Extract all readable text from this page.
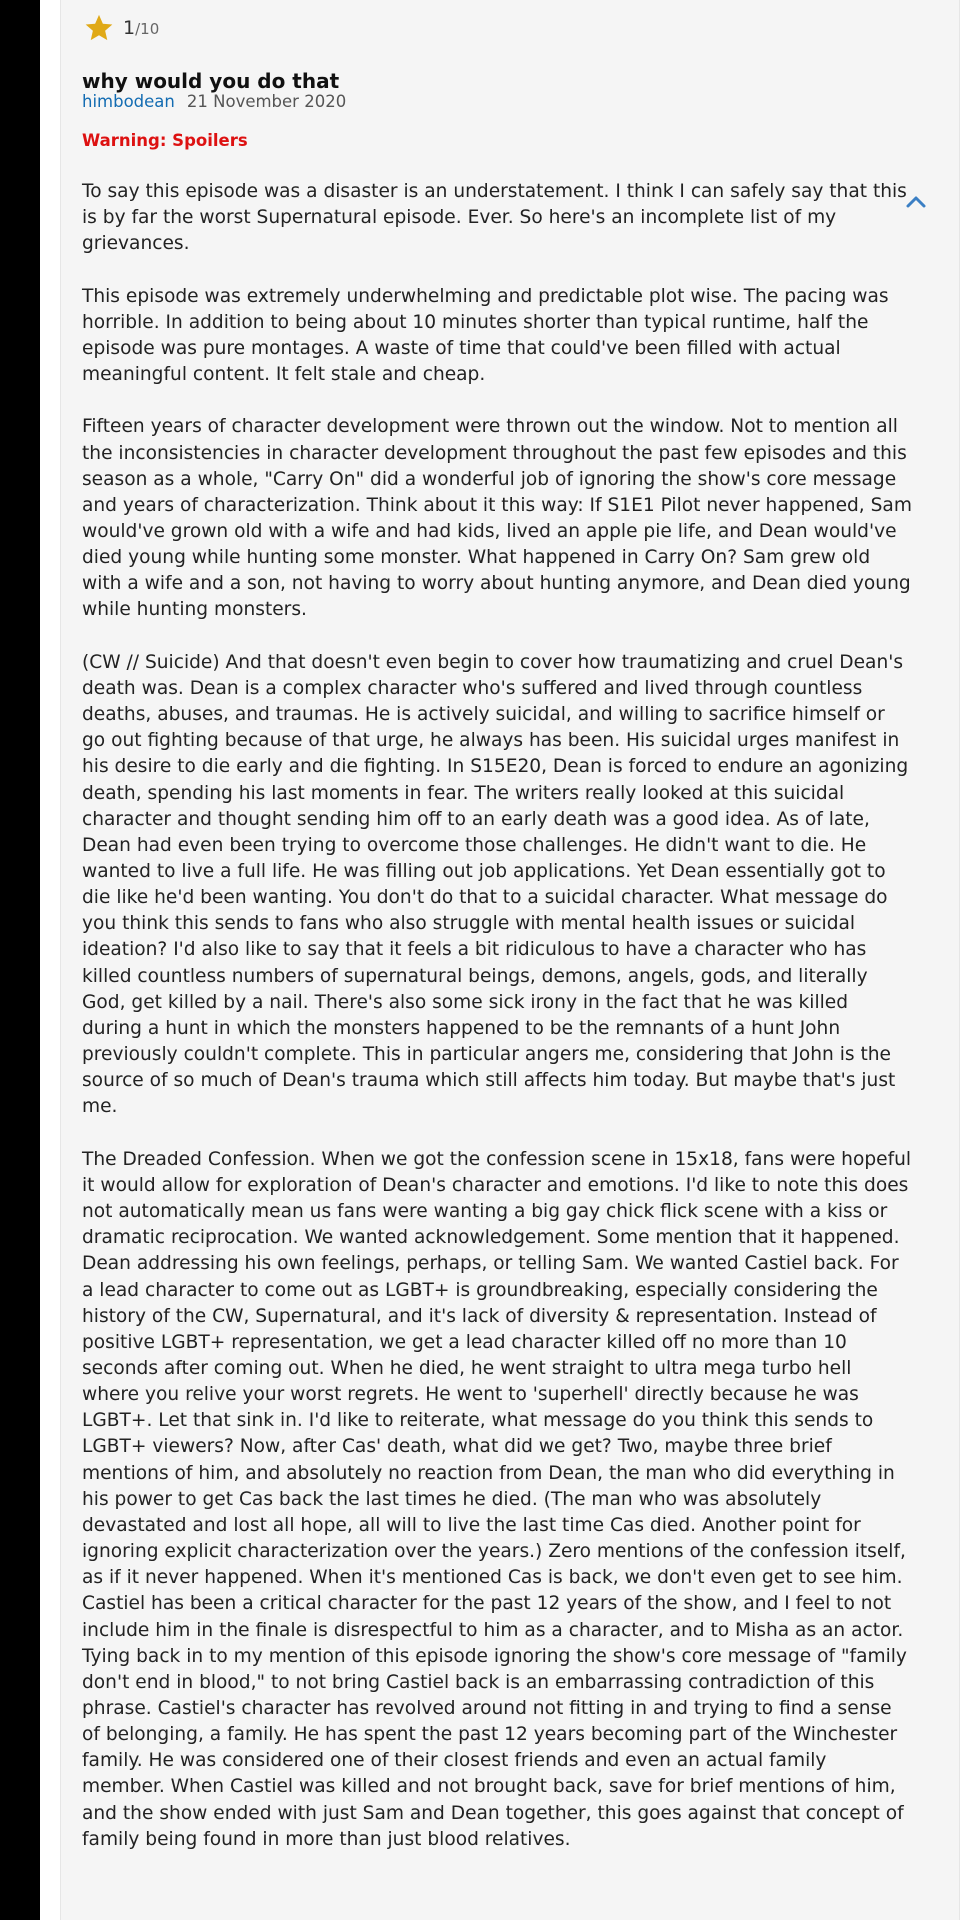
1/10
why would you do that
himbodean 21 November 2020
Warning: Spoilers

To say this episode was a disaster is an understatement. I think I can safely say that this is by far the worst Supernatural episode. Ever. So here's an incomplete list of my grievances.

This episode was extremely underwhelming and predictable plot wise. The pacing was horrible. In addition to being about 10 minutes shorter than typical runtime, half the episode was pure montages. A waste of time that could've been filled with actual meaningful content. It felt stale and cheap.

Fifteen years of character development were thrown out the window. Not to mention all the inconsistencies in character development throughout the past few episodes and this season as a whole, "Carry On" did a wonderful job of ignoring the show's core message and years of characterization. Think about it this way: If S1E1 Pilot never happened, Sam would've grown old with a wife and had kids, lived an apple pie life, and Dean would've died young while hunting some monster. What happened in Carry On? Sam grew old with a wife and a son, not having to worry about hunting anymore, and Dean died young while hunting monsters.

(CW // Suicide) And that doesn't even begin to cover how traumatizing and cruel Dean's death was. Dean is a complex character who's suffered and lived through countless deaths, abuses, and traumas. He is actively suicidal, and willing to sacrifice himself or go out fighting because of that urge, he always has been. His suicidal urges manifest in his desire to die early and die fighting. In S15E20, Dean is forced to endure an agonizing death, spending his last moments in fear. The writers really looked at this suicidal character and thought sending him off to an early death was a good idea. As of late, Dean had even been trying to overcome those challenges. He didn't want to die. He wanted to live a full life. He was filling out job applications. Yet Dean essentially got to die like he'd been wanting. You don't do that to a suicidal character. What message do you think this sends to fans who also struggle with mental health issues or suicidal ideation? I'd also like to say that it feels a bit ridiculous to have a character who has killed countless numbers of supernatural beings, demons, angels, gods, and literally God, get killed by a nail. There's also some sick irony in the fact that he was killed during a hunt in which the monsters happened to be the remnants of a hunt John previously couldn't complete. This in particular angers me, considering that John is the source of so much of Dean's trauma which still affects him today. But maybe that's just me.

The Dreaded Confession. When we got the confession scene in 15x18, fans were hopeful it would allow for exploration of Dean's character and emotions. I'd like to note this does not automatically mean us fans were wanting a big gay chick flick scene with a kiss or dramatic reciprocation. We wanted acknowledgement. Some mention that it happened. Dean addressing his own feelings, perhaps, or telling Sam. We wanted Castiel back. For a lead character to come out as LGBT+ is groundbreaking, especially considering the history of the CW, Supernatural, and it's lack of diversity & representation. Instead of positive LGBT+ representation, we get a lead character killed off no more than 10 seconds after coming out. When he died, he went straight to ultra mega turbo hell where you relive your worst regrets. He went to 'superhell' directly because he was LGBT+. Let that sink in. I'd like to reiterate, what message do you think this sends to LGBT+ viewers? Now, after Cas' death, what did we get? Two, maybe three brief mentions of him, and absolutely no reaction from Dean, the man who did everything in his power to get Cas back the last times he died. (The man who was absolutely devastated and lost all hope, all will to live the last time Cas died. Another point for ignoring explicit characterization over the years.) Zero mentions of the confession itself, as if it never happened. When it's mentioned Cas is back, we don't even get to see him. Castiel has been a critical character for the past 12 years of the show, and I feel to not include him in the finale is disrespectful to him as a character, and to Misha as an actor. Tying back in to my mention of this episode ignoring the show's core message of "family don't end in blood," to not bring Castiel back is an embarrassing contradiction of this phrase. Castiel's character has revolved around not fitting in and trying to find a sense of belonging, a family. He has spent the past 12 years becoming part of the Winchester family. He was considered one of their closest friends and even an actual family member. When Castiel was killed and not brought back, save for brief mentions of him, and the show ended with just Sam and Dean together, this goes against that concept of family being found in more than just blood relatives.
